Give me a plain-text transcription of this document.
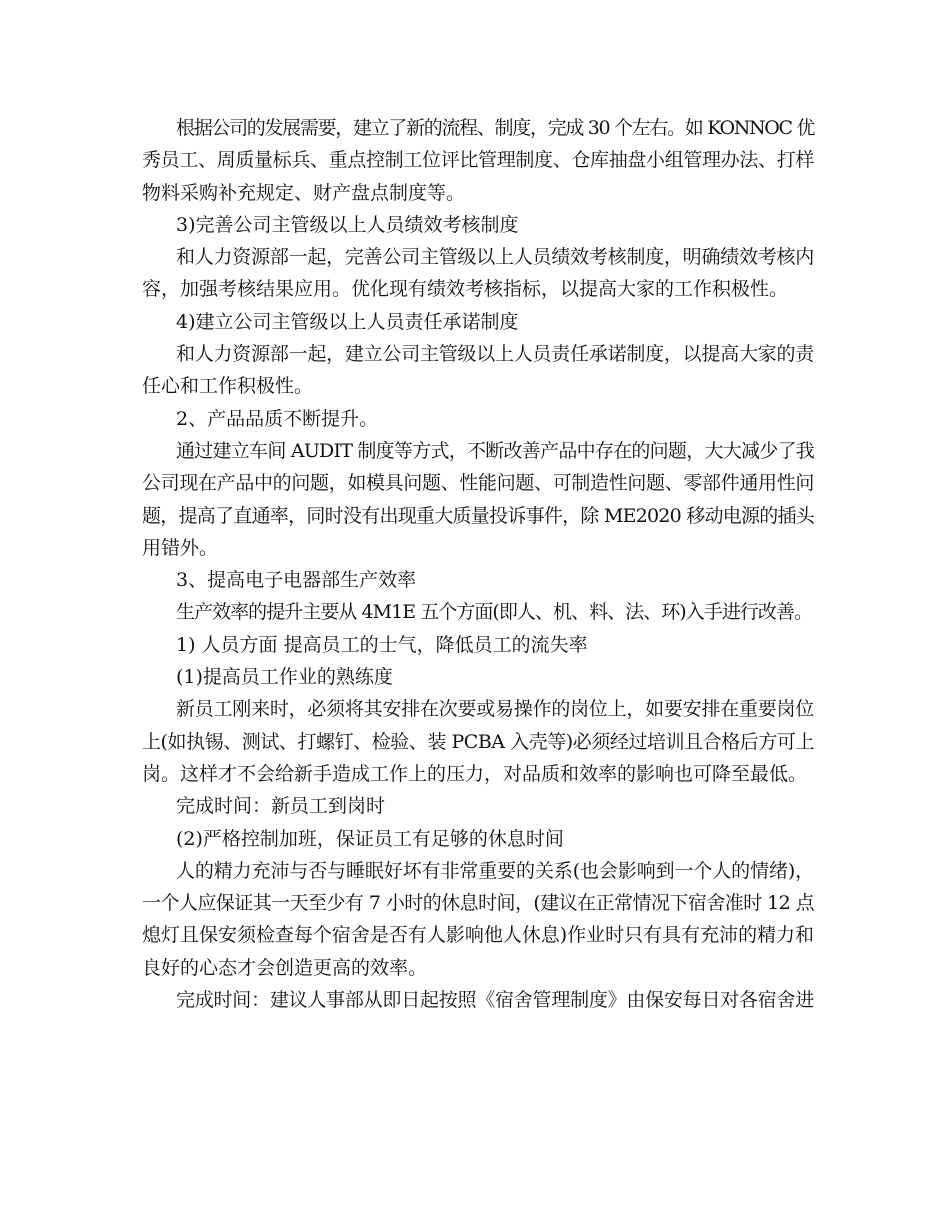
根据公司的发展需要，建立了新的流程、制度，完成 30 个左右。如 KONNOC 优
秀员工、周质量标兵、重点控制工位评比管理制度、仓库抽盘小组管理办法、打样
物料采购补充规定、财产盘点制度等。
3)完善公司主管级以上人员绩效考核制度
和人力资源部一起，完善公司主管级以上人员绩效考核制度，明确绩效考核内
容，加强考核结果应用。优化现有绩效考核指标，以提高大家的工作积极性。
4)建立公司主管级以上人员责任承诺制度
和人力资源部一起，建立公司主管级以上人员责任承诺制度，以提高大家的责
任心和工作积极性。
2、产品品质不断提升。
通过建立车间 AUDIT 制度等方式，不断改善产品中存在的问题，大大减少了我
公司现在产品中的问题，如模具问题、性能问题、可制造性问题、零部件通用性问
题，提高了直通率，同时没有出现重大质量投诉事件，除 ME2020 移动电源的插头
用错外。
3、提高电子电器部生产效率
生产效率的提升主要从 4M1E 五个方面(即人、机、料、法、环)入手进行改善。
1) 人员方面 提高员工的士气，降低员工的流失率
(1)提高员工作业的熟练度
新员工刚来时，必须将其安排在次要或易操作的岗位上，如要安排在重要岗位
上(如执锡、测试、打螺钉、检验、装 PCBA 入壳等)必须经过培训且合格后方可上
岗。这样才不会给新手造成工作上的压力，对品质和效率的影响也可降至最低。
完成时间：新员工到岗时
(2)严格控制加班，保证员工有足够的休息时间
人的精力充沛与否与睡眠好坏有非常重要的关系(也会影响到一个人的情绪)，
一个人应保证其一天至少有 7 小时的休息时间，(建议在正常情况下宿舍准时 12 点
熄灯且保安须检查每个宿舍是否有人影响他人休息)作业时只有具有充沛的精力和
良好的心态才会创造更高的效率。
完成时间：建议人事部从即日起按照《宿舍管理制度》由保安每日对各宿舍进
